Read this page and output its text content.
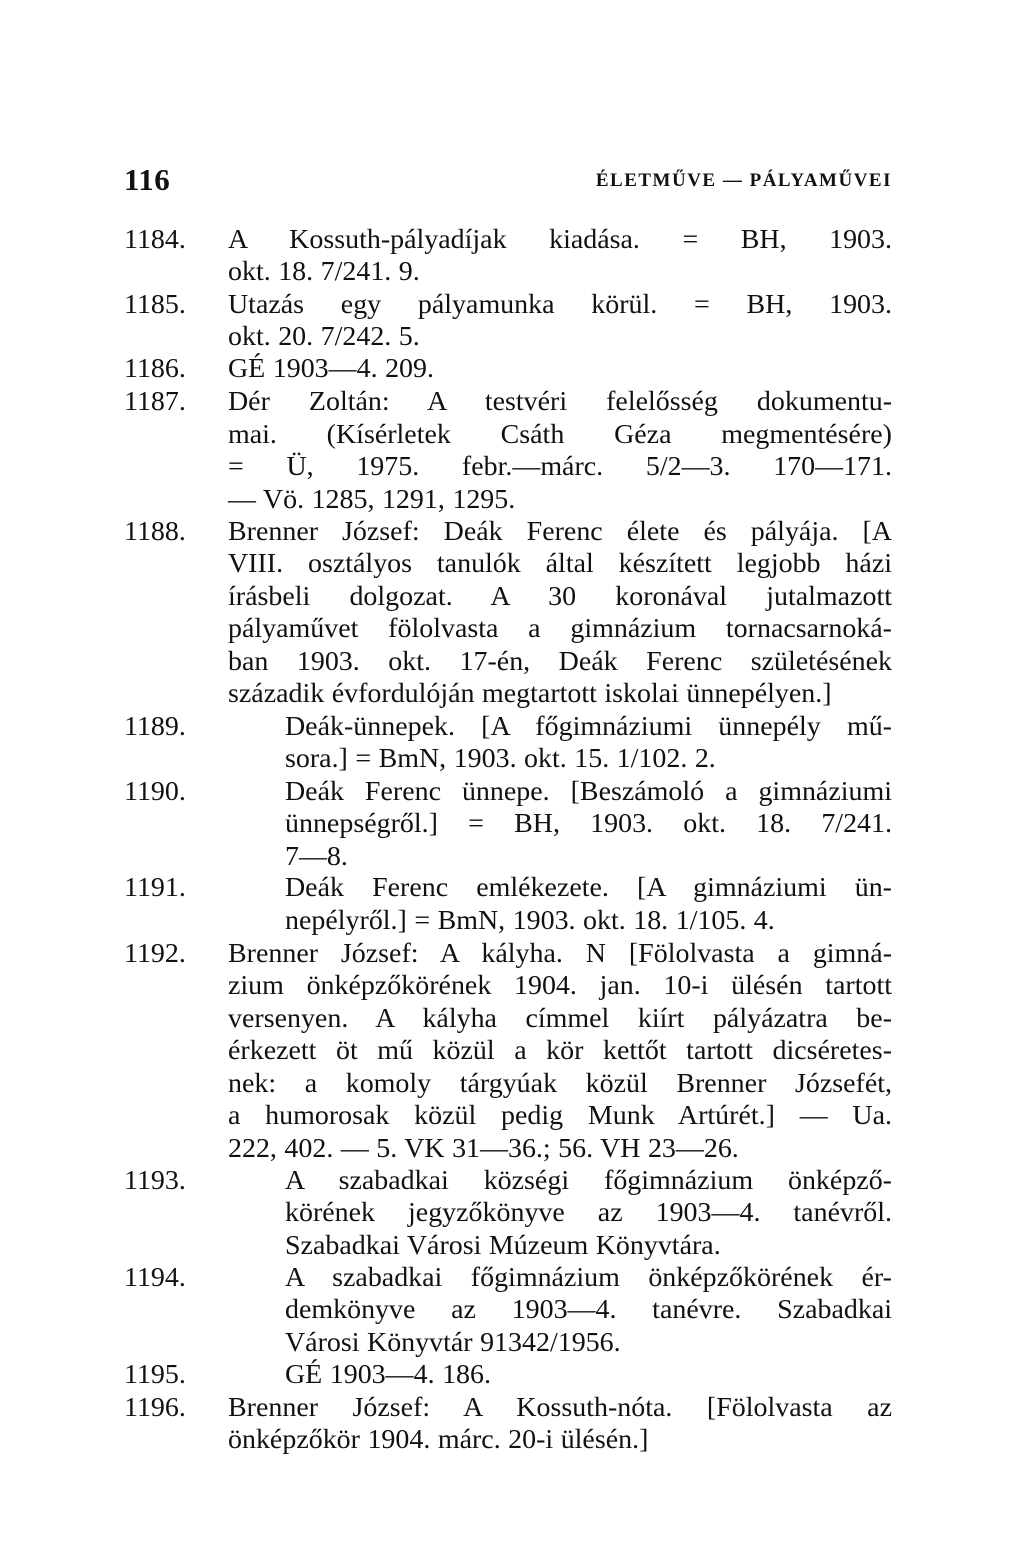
116	ÉLETMŰVE — PÁLYAMŰVEI
1184.	A Kossuth-pályadíjak kiadása. = BH, 1903.
okt. 18. 7/241. 9.
1185.	Utazás egy pályamunka körül. = BH, 1903.
okt. 20. 7/242. 5.
1186.	GÉ 1903—4. 209.
1187.	Dér Zoltán: A testvéri felelősség dokumentu-
mai. (Kísérletek Csáth Géza megmentésére)
= Ü, 1975. febr.—márc. 5/2—3. 170—171.
— Vö. 1285, 1291, 1295.
1188.	Brenner József: Deák Ferenc élete és pályája. [A
VIII. osztályos tanulók által készített legjobb házi
írásbeli dolgozat. A 30 koronával jutalmazott
pályaművet fölolvasta a gimnázium tornacsarnoká-
ban 1903. okt. 17-én, Deák Ferenc születésének
századik évfordulóján megtartott iskolai ünnepélyen.]
1189.	Deák-ünnepek. [A főgimnáziumi ünnepély mű-
sora.] = BmN, 1903. okt. 15. 1/102. 2.
1190.	Deák Ferenc ünnepe. [Beszámoló a gimnáziumi
ünnepségről.] = BH, 1903. okt. 18. 7/241.
7—8.
1191.	Deák Ferenc emlékezete. [A gimnáziumi ün-
nepélyről.] = BmN, 1903. okt. 18. 1/105. 4.
1192.	Brenner József: A kályha. N [Fölolvasta a gimná-
zium önképzőkörének 1904. jan. 10-i ülésén tartott
versenyen. A kályha címmel kiírt pályázatra be-
érkezett öt mű közül a kör kettőt tartott dicséretes-
nek: a komoly tárgyúak közül Brenner Józsefét,
a humorosak közül pedig Munk Artúrét.] — Ua.
222, 402. — 5. VK 31—36.; 56. VH 23—26.
1193.	A szabadkai községi főgimnázium önképző-
körének jegyzőkönyve az 1903—4. tanévről.
Szabadkai Városi Múzeum Könyvtára.
1194.	A szabadkai főgimnázium önképzőkörének ér-
demkönyve az 1903—4. tanévre. Szabadkai
Városi Könyvtár 91342/1956.
1195.	GÉ 1903—4. 186.
1196.	Brenner József: A Kossuth-nóta. [Fölolvasta az
önképzőkör 1904. márc. 20-i ülésén.]
